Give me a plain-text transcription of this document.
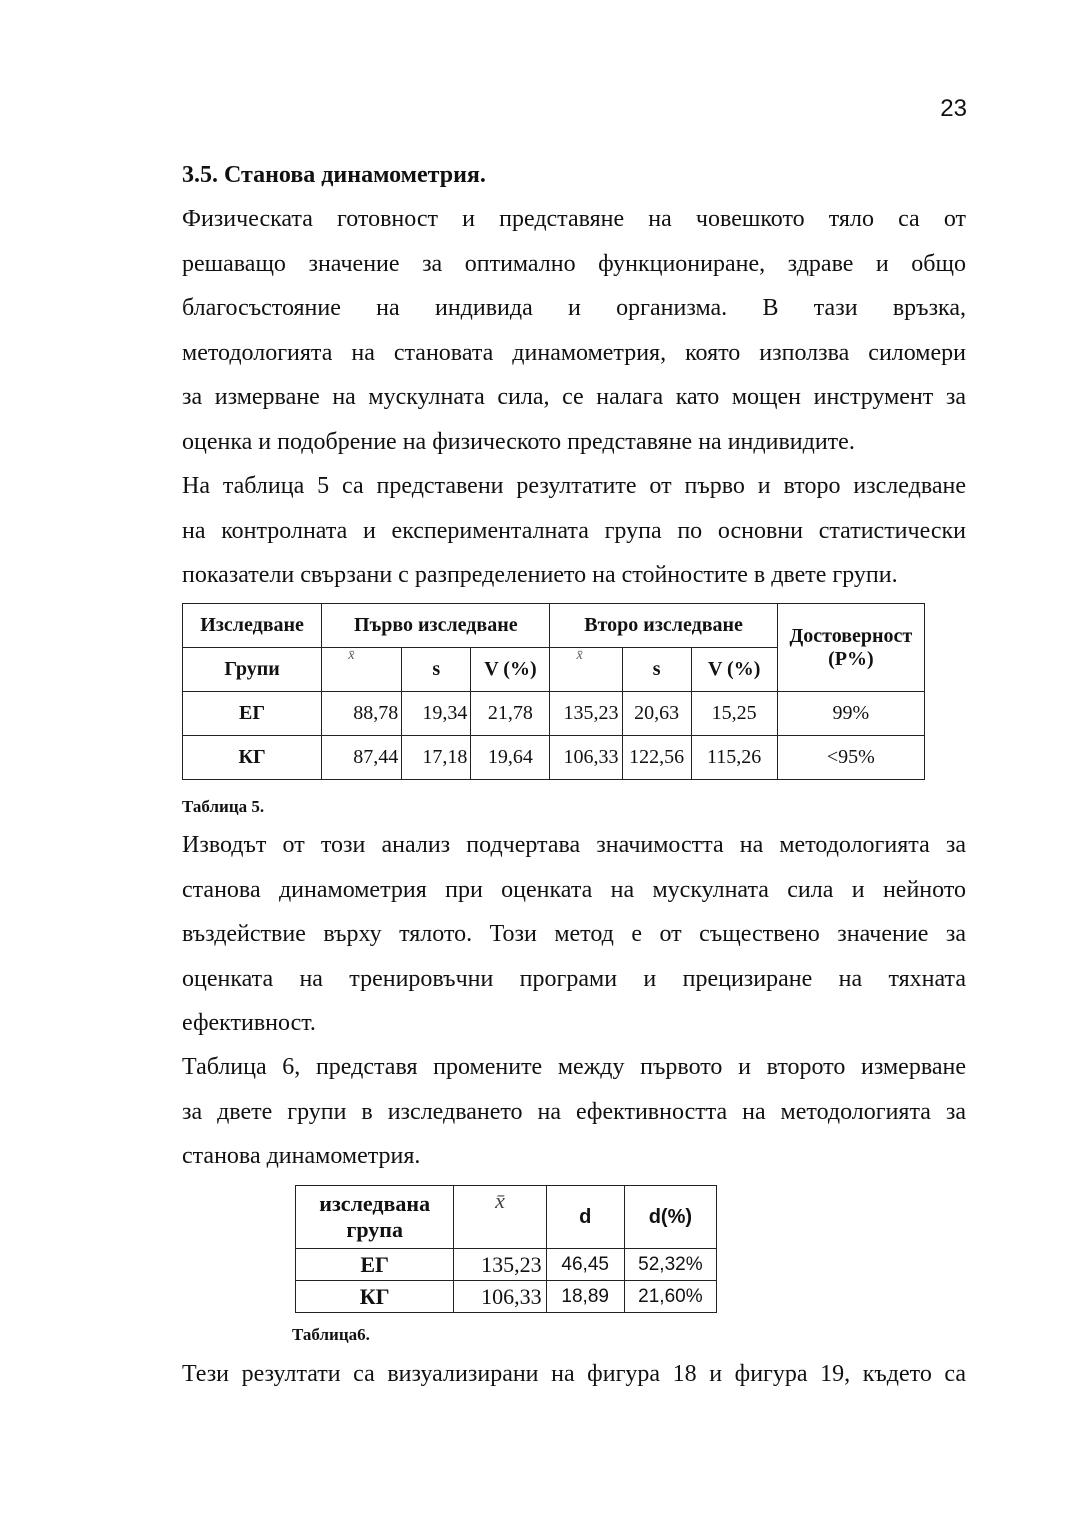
23
3.5. Станова динамометрия.

Физическата готовност и представяне на човешкото тяло са от
решаващо значение за оптимално функциониране, здраве и общо
благосъстояние на индивида и организма. В тази връзка,
методологията на становата динамометрия, която използва силомери
за измерване на мускулната сила, се налага като мощен инструмент за
оценка и подобрение на физическото представяне на индивидите.

На таблица 5 са представени резултатите от първо и второ изследване
на контролната и експерименталната група по основни статистически
показатели свързани с разпределението на стойностите в двете групи.

Изследване	Първо изследване			Второ изследване			Достоверност (P%)
Групи	x̄	s	V (%)	x̄	s	V (%)	
ЕГ	88,78	19,34	21,78	135,23	20,63	15,25	99%
КГ	87,44	17,18	19,64	106,33	122,56	115,26	<95%

Таблица 5.

Изводът от този анализ подчертава значимостта на методологията за
станова динамометрия при оценката на мускулната сила и нейното
въздействие върху тялото. Този метод е от съществено значение за
оценката на тренировъчни програми и прецизиране на тяхната
ефективност.

Таблица 6, представя промените между първото и второто измерване
за двете групи в изследването на ефективността на методологията за
станова динамометрия.

изследвана група	x̄	d	d(%)
ЕГ	135,23	46,45	52,32%
КГ	106,33	18,89	21,60%

Таблица6.

Тези резултати са визуализирани на фигура 18 и фигура 19, където са
